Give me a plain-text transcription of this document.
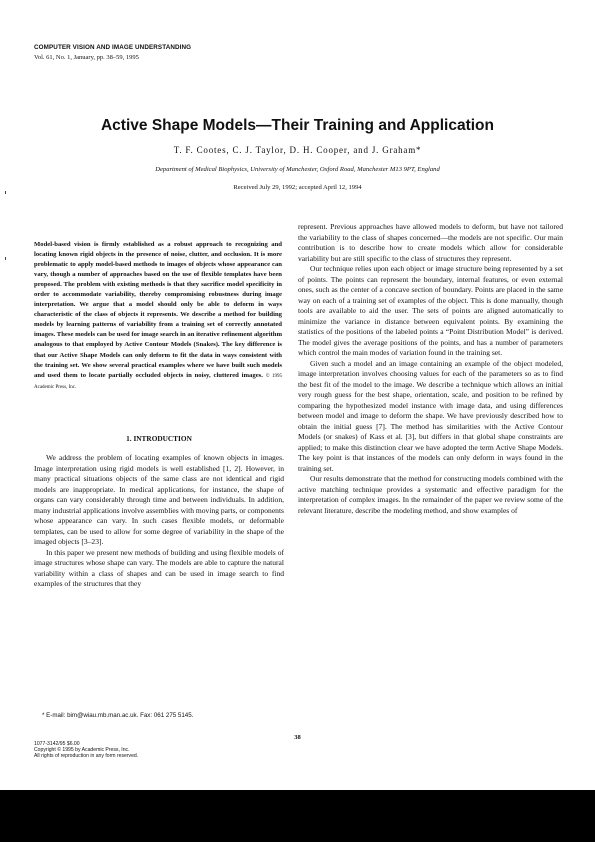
COMPUTER VISION AND IMAGE UNDERSTANDING
Vol. 61, No. 1, January, pp. 38–59, 1995
Active Shape Models—Their Training and Application
T. F. Cootes, C. J. Taylor, D. H. Cooper, and J. Graham*
Department of Medical Biophysics, University of Manchester, Oxford Road, Manchester M13 9PT, England
Received July 29, 1992; accepted April 12, 1994
Model-based vision is firmly established as a robust approach to recognizing and locating known rigid objects in the presence of noise, clutter, and occlusion. It is more problematic to apply model-based methods to images of objects whose appearance can vary, though a number of approaches based on the use of flexible templates have been proposed. The problem with existing methods is that they sacrifice model specificity in order to accommodate variability, thereby compromising robustness during image interpretation. We argue that a model should only be able to deform in ways characteristic of the class of objects it represents. We describe a method for building models by learning patterns of variability from a training set of correctly annotated images. These models can be used for image search in an iterative refinement algorithm analogous to that employed by Active Contour Models (Snakes). The key difference is that our Active Shape Models can only deform to fit the data in ways consistent with the training set. We show several practical examples where we have built such models and used them to locate partially occluded objects in noisy, cluttered images. © 1995 Academic Press, Inc.
1. INTRODUCTION

We address the problem of locating examples of known objects in images. Image interpretation using rigid models is well established [1, 2]. However, in many practical situations objects of the same class are not identical and rigid models are inappropriate. In medical applications, for instance, the shape of organs can vary considerably through time and between individuals. In addition, many industrial applications involve assemblies with moving parts, or components whose appearance can vary. In such cases flexible models, or deformable templates, can be used to allow for some degree of variability in the shape of the imaged objects [3–23].

In this paper we present new methods of building and using flexible models of image structures whose shape can vary. The models are able to capture the natural variability within a class of shapes and can be used in image search to find examples of the structures that they

represent. Previous approaches have allowed models to deform, but have not tailored the variability to the class of shapes concerned—the models are not specific. Our main contribution is to describe how to create models which allow for considerable variability but are still specific to the class of structures they represent.

Our technique relies upon each object or image structure being represented by a set of points. The points can represent the boundary, internal features, or even external ones, such as the center of a concave section of boundary. Points are placed in the same way on each of a training set of examples of the object. This is done manually, though tools are available to aid the user. The sets of points are aligned automatically to minimize the variance in distance between equivalent points. By examining the statistics of the positions of the labeled points a “Point Distribution Model” is derived. The model gives the average positions of the points, and has a number of parameters which control the main modes of variation found in the training set.

Given such a model and an image containing an example of the object modeled, image interpretation involves choosing values for each of the parameters so as to find the best fit of the model to the image. We describe a technique which allows an initial very rough guess for the best shape, orientation, scale, and position to be refined by comparing the hypothesized model instance with image data, and using differences between model and image to deform the shape. We have previously described how to obtain the initial guess [7]. The method has similarities with the Active Contour Models (or snakes) of Kass et al. [3], but differs in that global shape constraints are applied; to make this distinction clear we have adopted the term Active Shape Models. The key point is that instances of the models can only deform in ways found in the training set.

Our results demonstrate that the method for constructing models combined with the active matching technique provides a systematic and effective paradigm for the interpretation of complex images. In the remainder of the paper we review some of the relevant literature, describe the modeling method, and show examples of

* E-mail: bim@wiau.mb.man.ac.uk. Fax: 061 275 5145.
38
1077-3142/95 $6.00
Copyright © 1995 by Academic Press, Inc.
All rights of reproduction in any form reserved.
